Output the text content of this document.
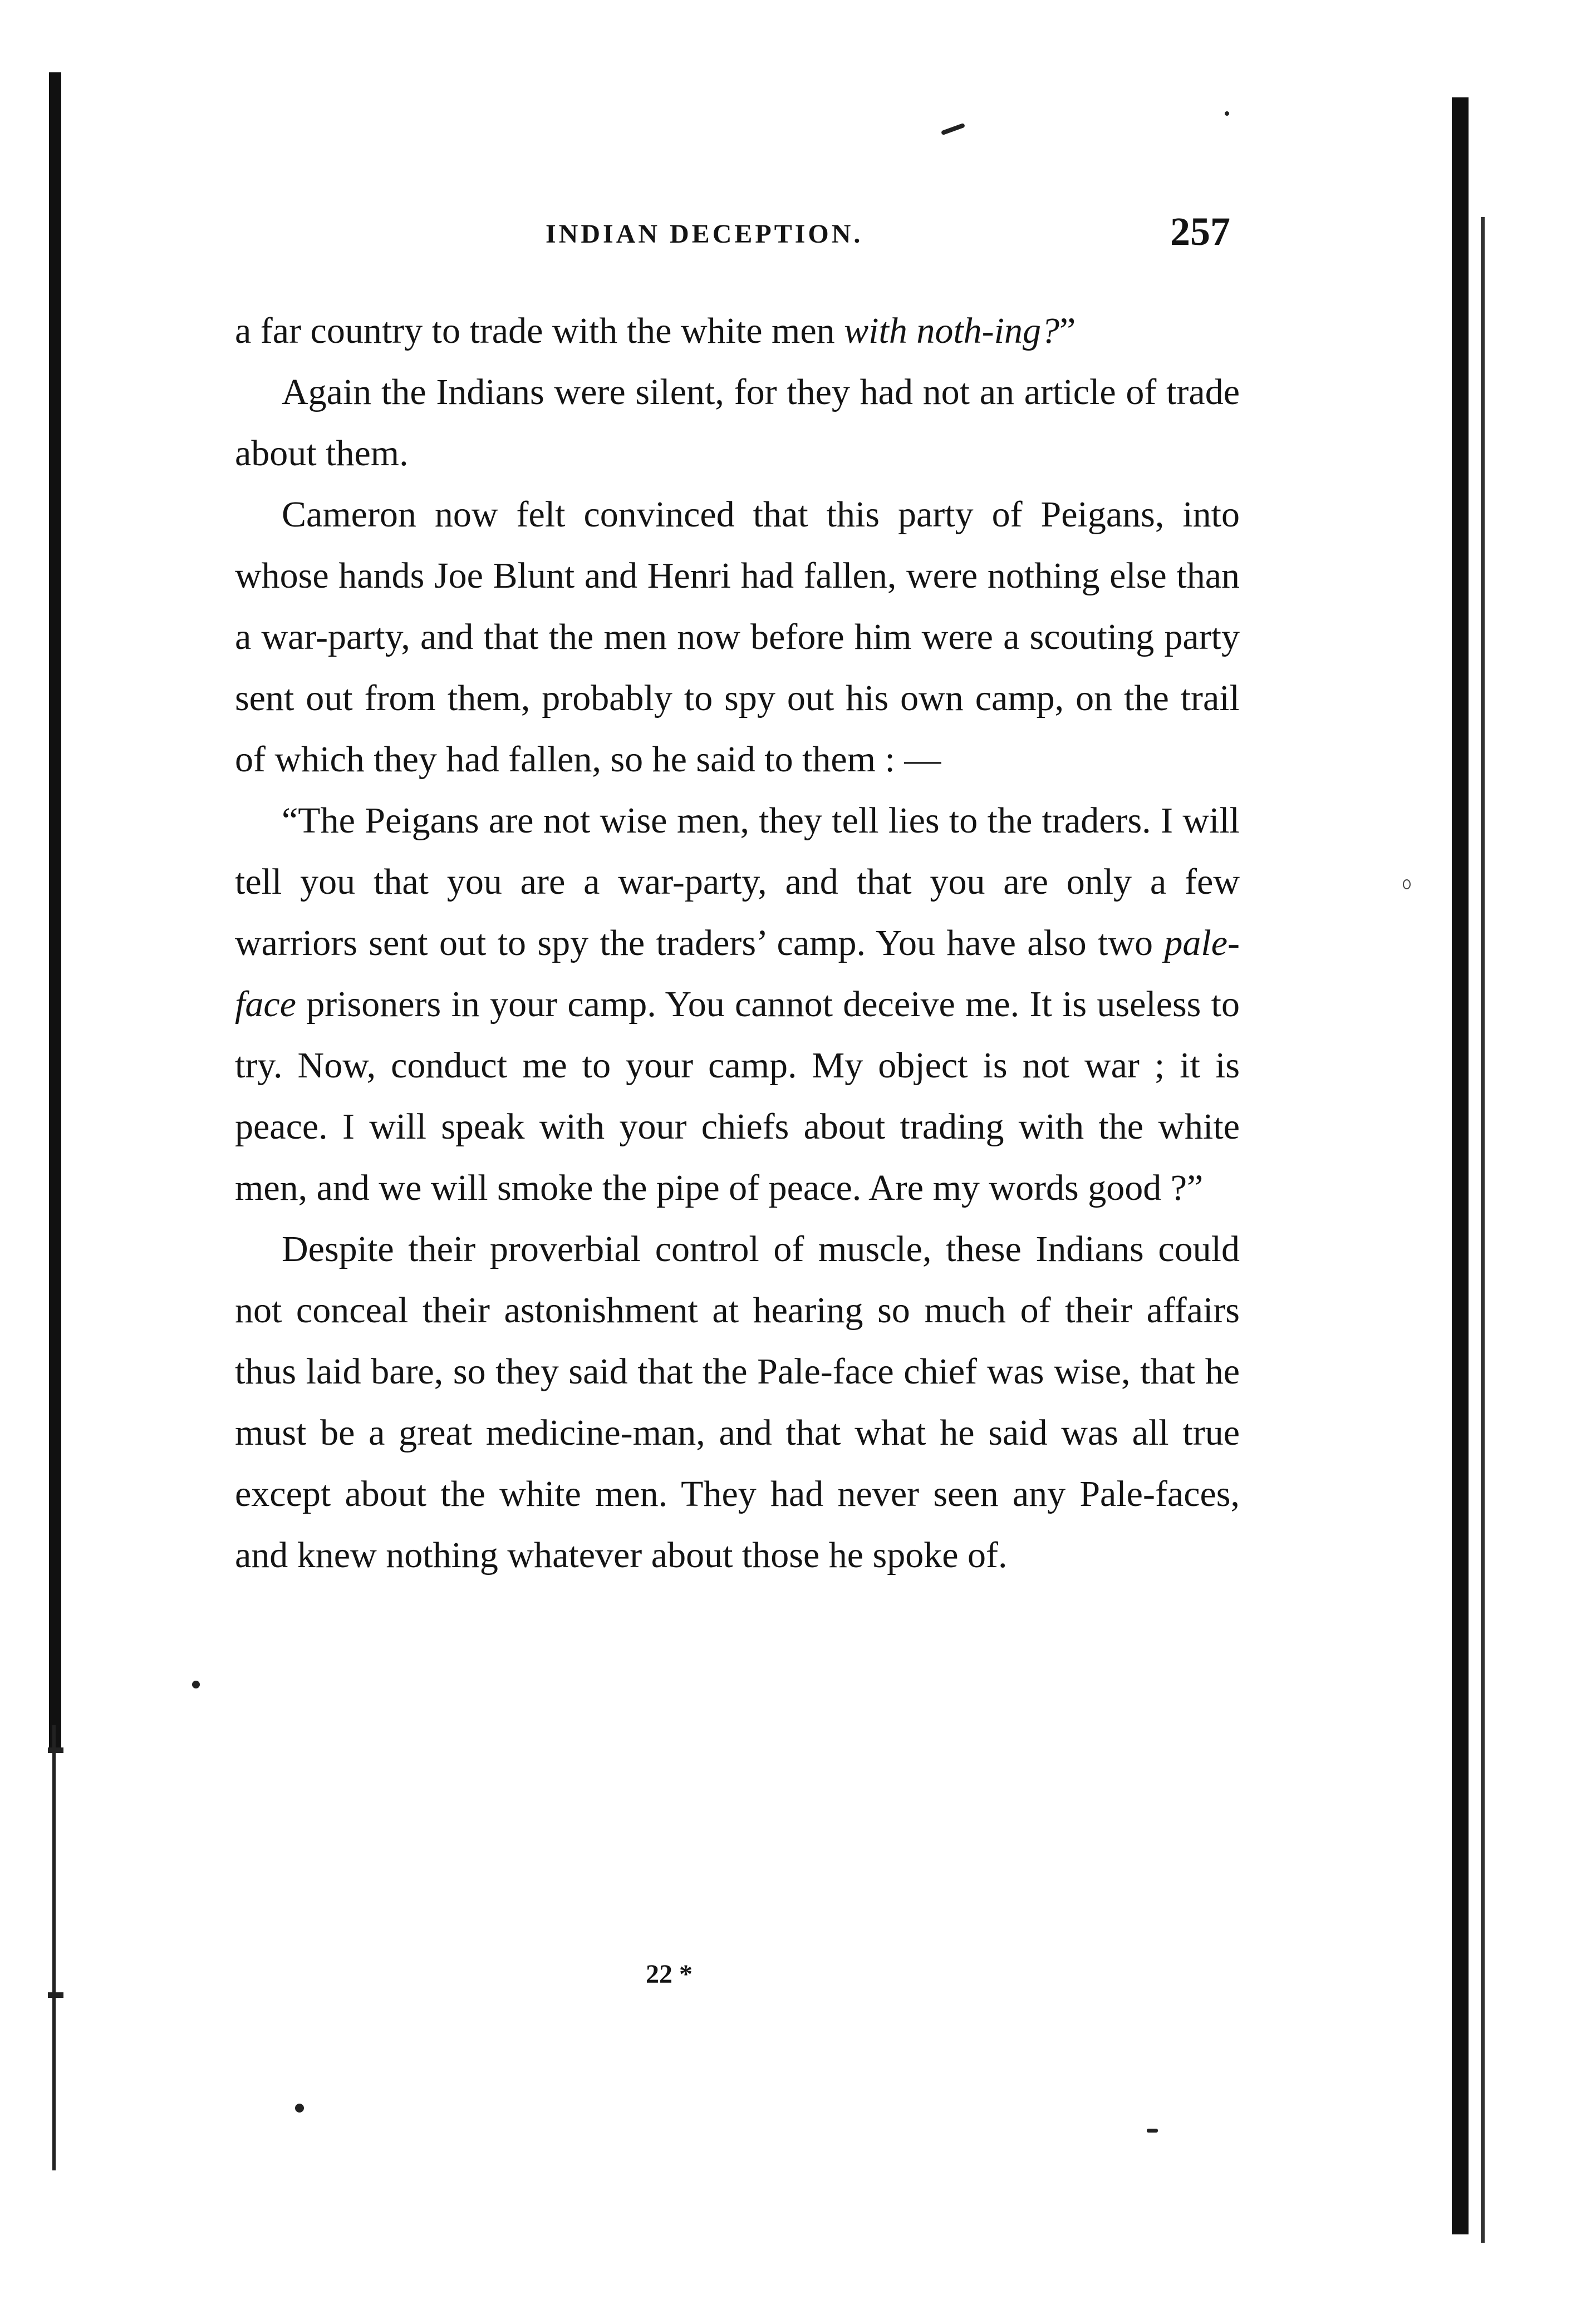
INDIAN DECEPTION.	257

a far country to trade with the white men with noth-ing?”

Again the Indians were silent, for they had not an article of trade about them.

Cameron now felt convinced that this party of Peigans, into whose hands Joe Blunt and Henri had fallen, were nothing else than a war-party, and that the men now before him were a scouting party sent out from them, probably to spy out his own camp, on the trail of which they had fallen, so he said to them : —

“The Peigans are not wise men, they tell lies to the traders. I will tell you that you are a war-party, and that you are only a few warriors sent out to spy the traders’ camp. You have also two pale-face prisoners in your camp. You cannot deceive me. It is useless to try. Now, conduct me to your camp. My object is not war ; it is peace. I will speak with your chiefs about trading with the white men, and we will smoke the pipe of peace. Are my words good ?”

Despite their proverbial control of muscle, these Indians could not conceal their astonishment at hearing so much of their affairs thus laid bare, so they said that the Pale-face chief was wise, that he must be a great medicine-man, and that what he said was all true except about the white men. They had never seen any Pale-faces, and knew nothing whatever about those he spoke of.

22 *
